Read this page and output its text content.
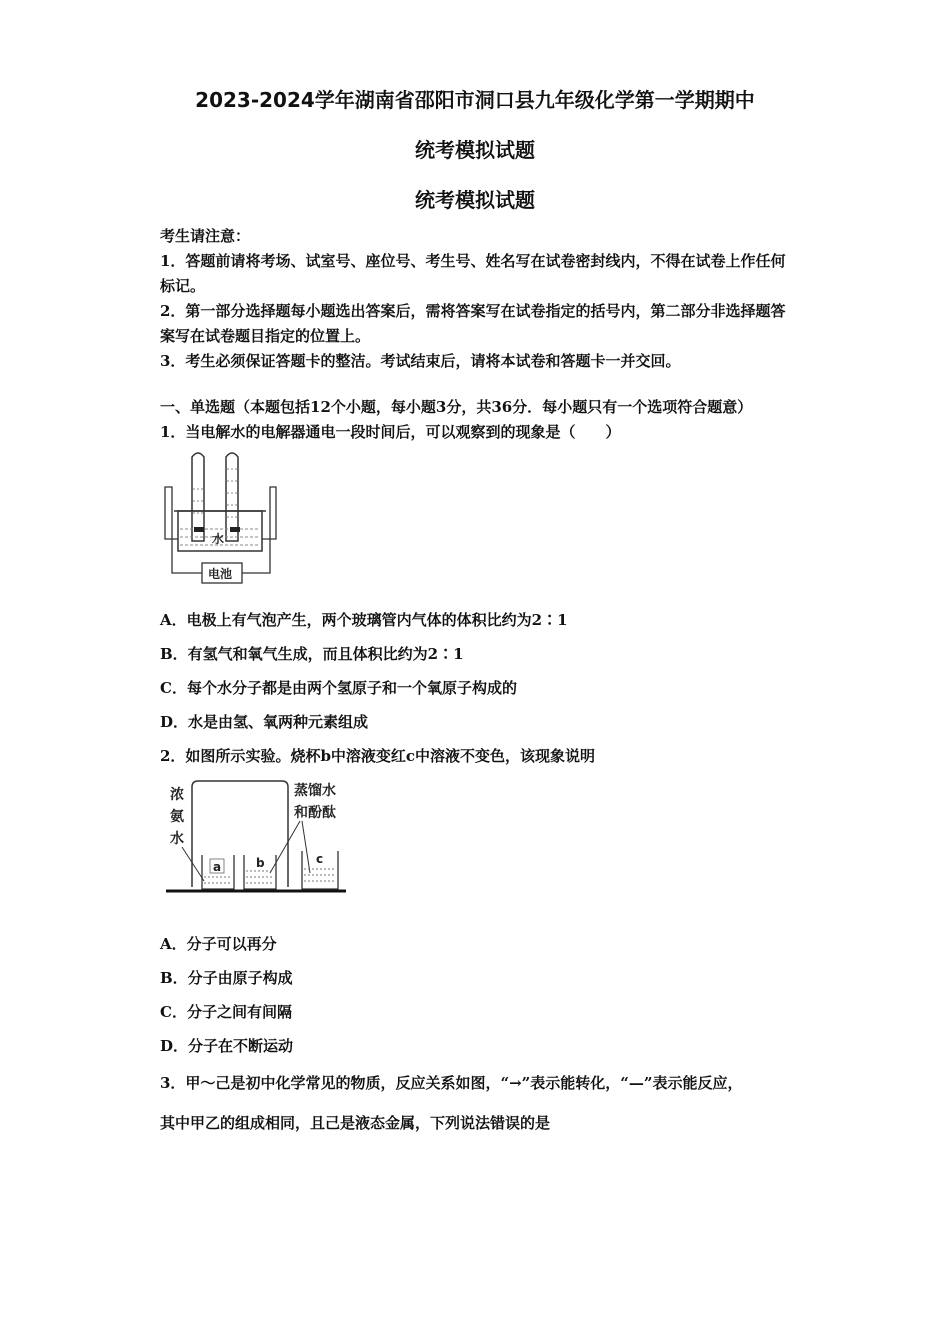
2023-2024学年湖南省邵阳市洞口县九年级化学第一学期期中
统考模拟试题
统考模拟试题

考生请注意：

1．答题前请将考场、试室号、座位号、考生号、姓名写在试卷密封线内，不得在试卷上作任何标记。

2．第一部分选择题每小题选出答案后，需将答案写在试卷指定的括号内，第二部分非选择题答案写在试卷题目指定的位置上。

3．考生必须保证答题卡的整洁。考试结束后，请将本试卷和答题卡一并交回。

一、单选题（本题包括12个小题，每小题3分，共36分．每小题只有一个选项符合题意）

1．当电解水的电解器通电一段时间后，可以观察到的现象是（　　）

水
电池

A．电极上有气泡产生，两个玻璃管内气体的体积比约为2∶1

B．有氢气和氧气生成，而且体积比约为2∶1

C．每个水分子都是由两个氢原子和一个氧原子构成的

D．水是由氢、氧两种元素组成

2．如图所示实验。烧杯b中溶液变红c中溶液不变色，该现象说明

浓
氨
水
蒸馏水
和酚酞
a	b	c

A．分子可以再分

B．分子由原子构成

C．分子之间有间隔

D．分子在不断运动

3．甲～己是初中化学常见的物质，反应关系如图，“→”表示能转化，“—”表示能反应，

其中甲乙的组成相同，且己是液态金属，下列说法错误的是
